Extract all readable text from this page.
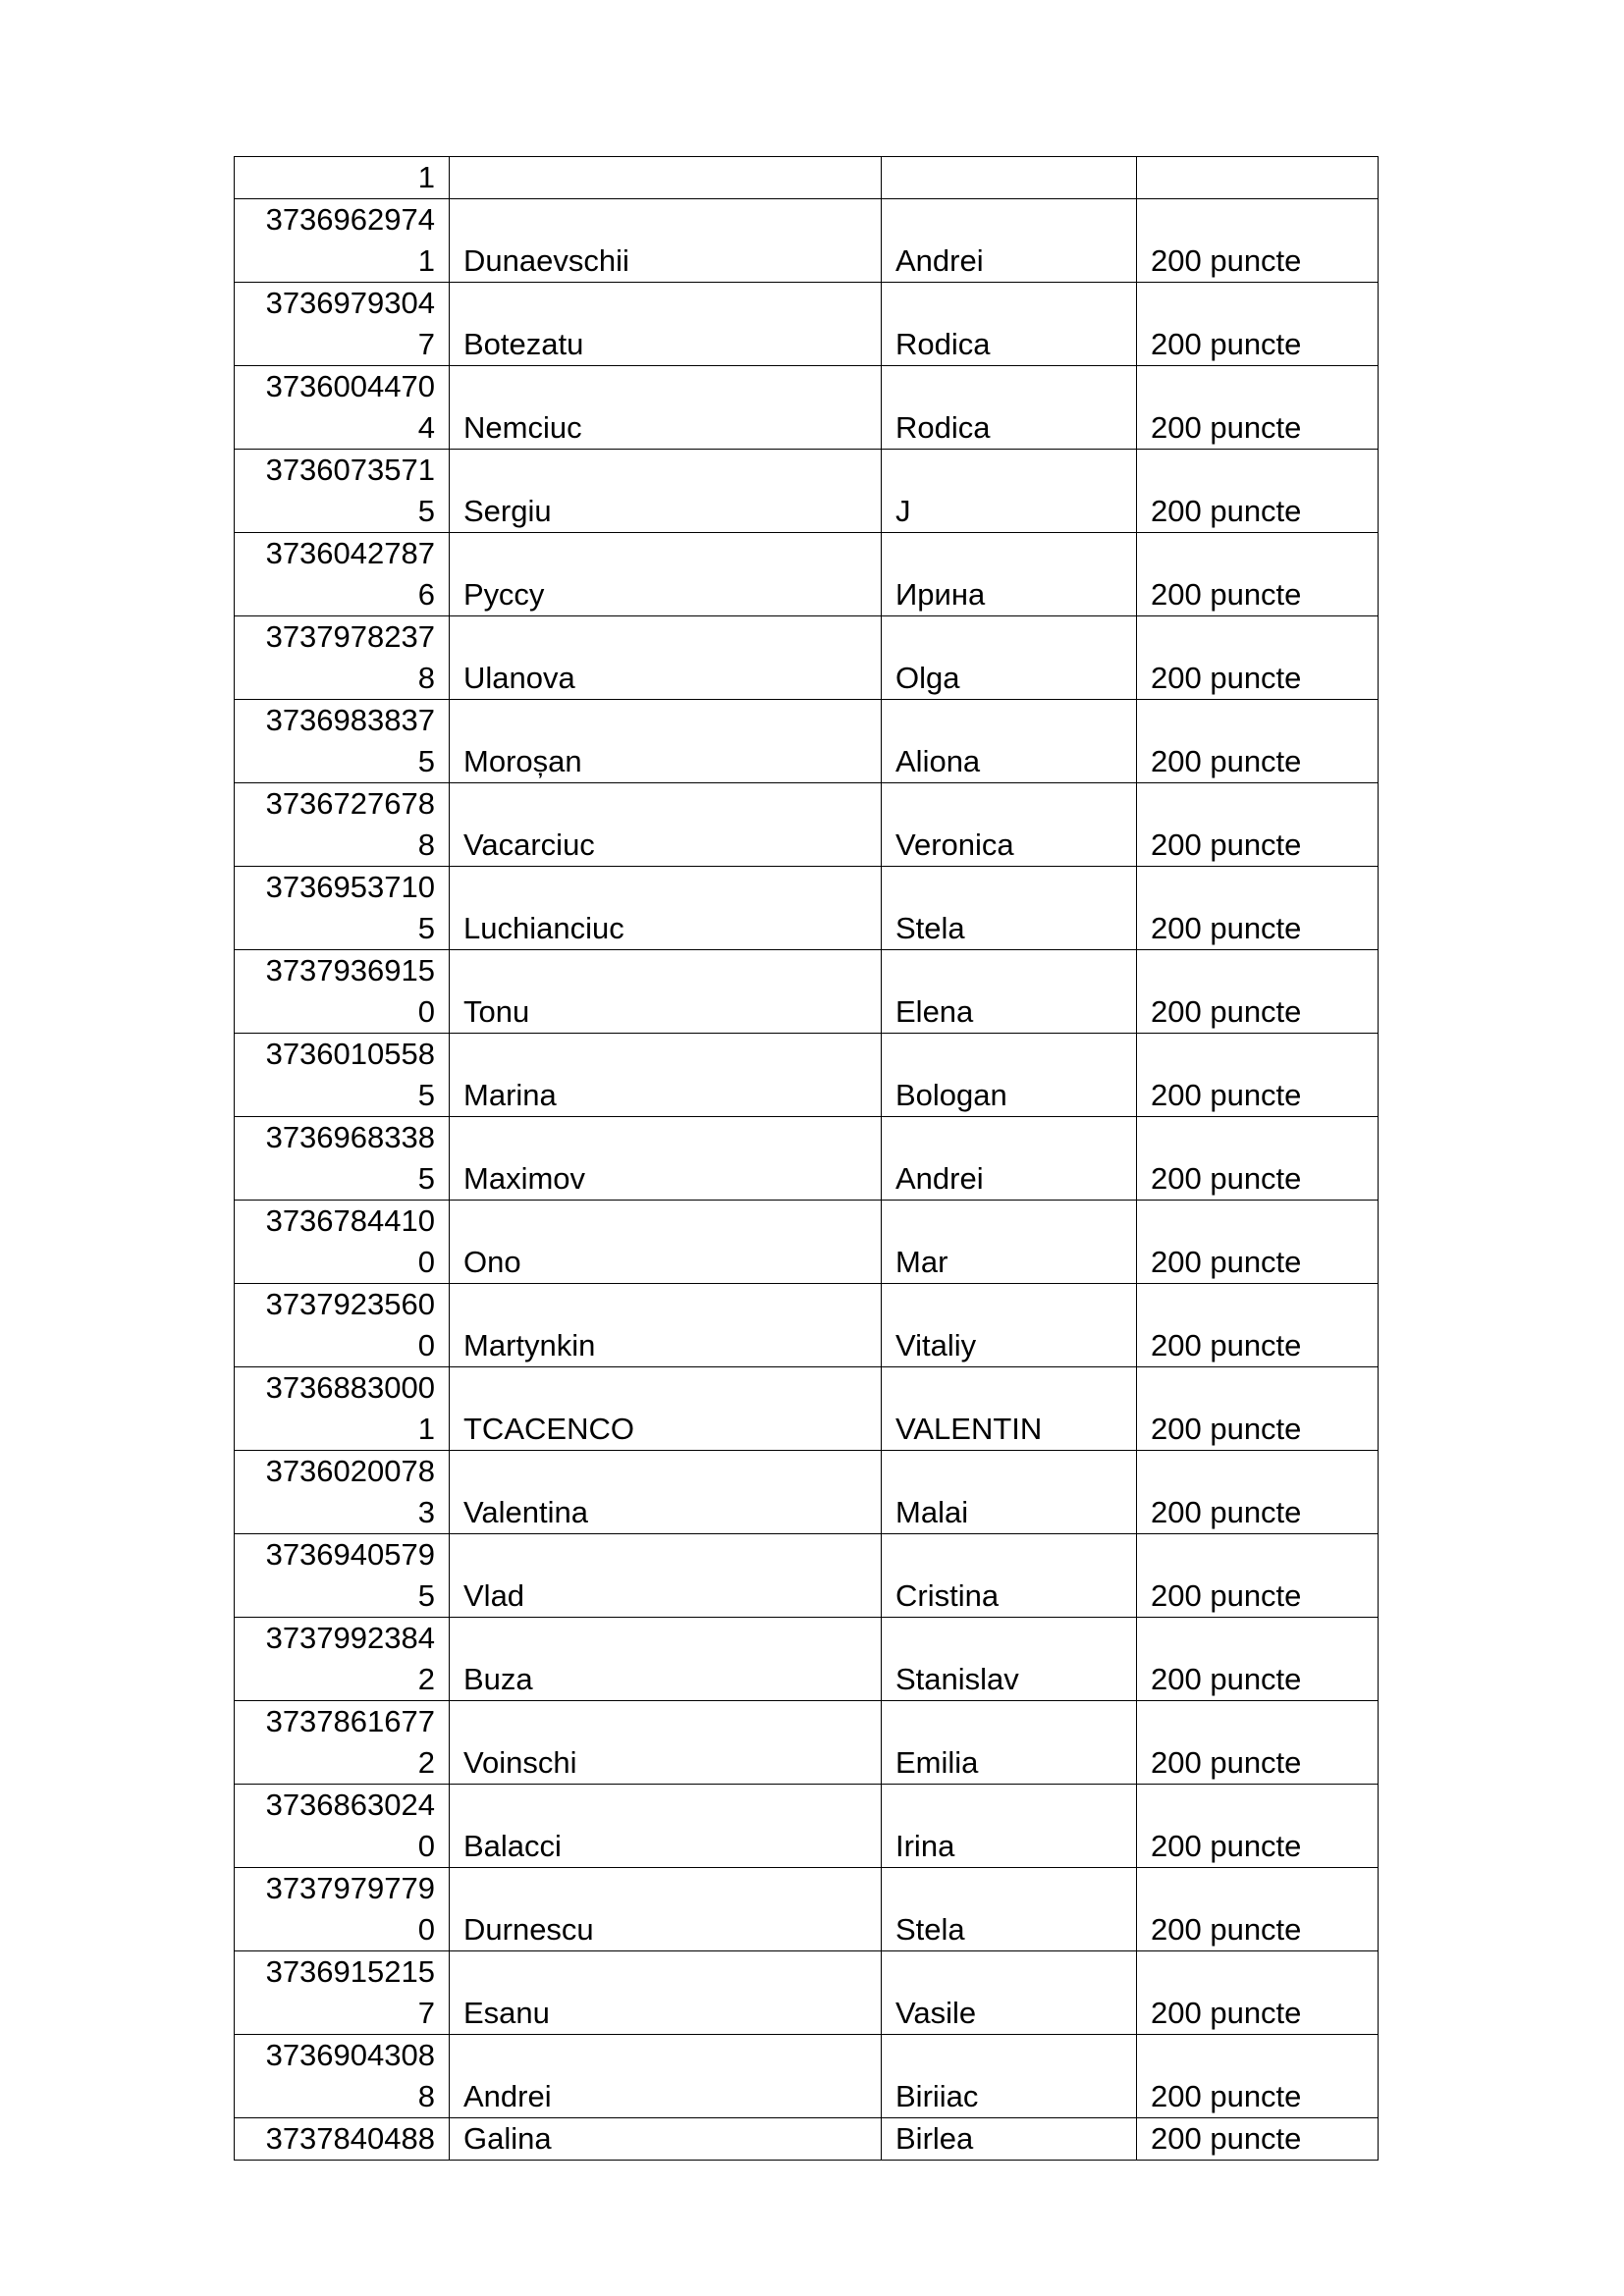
1			

3736962974
1	Dunaevschii	Andrei	200 puncte

3736979304
7	Botezatu	Rodica	200 puncte

3736004470
4	Nemciuc	Rodica	200 puncte

3736073571
5	Sergiu	J	200 puncte

3736042787
6	Руссу	Ирина	200 puncte

3737978237
8	Ulanova	Olga	200 puncte

3736983837
5	Moroșan	Aliona	200 puncte

3736727678
8	Vacarciuc	Veronica	200 puncte

3736953710
5	Luchianciuc	Stela	200 puncte

3737936915
0	Tonu	Elena	200 puncte

3736010558
5	Marina	Bologan	200 puncte

3736968338
5	Maximov	Andrei	200 puncte

3736784410
0	Ono	Mar	200 puncte

3737923560
0	Martynkin	Vitaliy	200 puncte

3736883000
1	TCACENCO	VALENTIN	200 puncte

3736020078
3	Valentina	Malai	200 puncte

3736940579
5	Vlad	Cristina	200 puncte

3737992384
2	Buza	Stanislav	200 puncte

3737861677
2	Voinschi	Emilia	200 puncte

3736863024
0	Balacci	Irina	200 puncte

3737979779
0	Durnescu	Stela	200 puncte

3736915215
7	Esanu	Vasile	200 puncte

3736904308
8	Andrei	Biriiac	200 puncte

3737840488	Galina	Birlea	200 puncte
